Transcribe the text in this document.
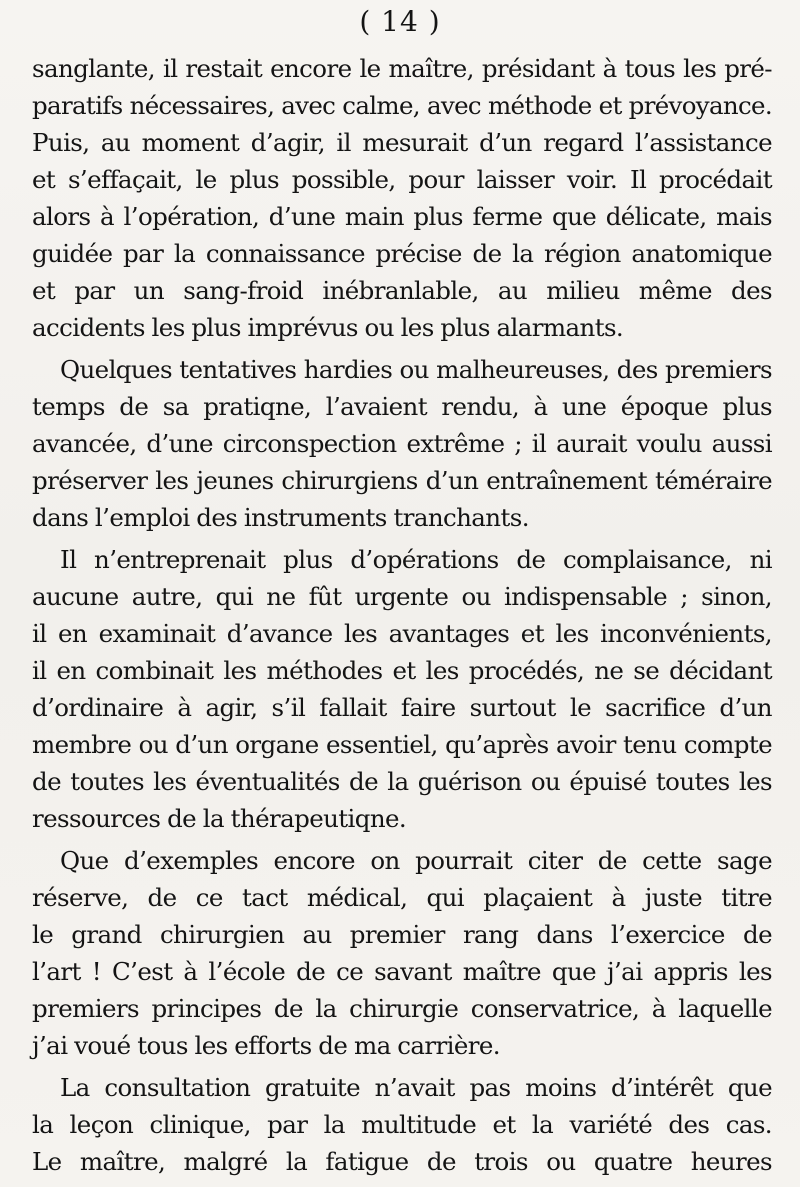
( 14 )
sanglante, il restait encore le maître, présidant à tous les pré-
paratifs nécessaires, avec calme, avec méthode et prévoyance.
Puis, au moment d’agir, il mesurait d’un regard l’assistance
et s’effaçait, le plus possible, pour laisser voir. Il procédait
alors à l’opération, d’une main plus ferme que délicate, mais
guidée par la connaissance précise de la région anatomique
et par un sang-froid inébranlable, au milieu même des
accidents les plus imprévus ou les plus alarmants.
Quelques tentatives hardies ou malheureuses, des premiers
temps de sa pratiqne, l’avaient rendu, à une époque plus
avancée, d’une circonspection extrême ; il aurait voulu aussi
préserver les jeunes chirurgiens d’un entraînement téméraire
dans l’emploi des instruments tranchants.
Il n’entreprenait plus d’opérations de complaisance, ni
aucune autre, qui ne fût urgente ou indispensable ; sinon,
il en examinait d’avance les avantages et les inconvénients,
il en combinait les méthodes et les procédés, ne se décidant
d’ordinaire à agir, s’il fallait faire surtout le sacrifice d’un
membre ou d’un organe essentiel, qu’après avoir tenu compte
de toutes les éventualités de la guérison ou épuisé toutes les
ressources de la thérapeutiqne.
Que d’exemples encore on pourrait citer de cette sage
réserve, de ce tact médical, qui plaçaient à juste titre
le grand chirurgien au premier rang dans l’exercice de
l’art ! C’est à l’école de ce savant maître que j’ai appris les
premiers principes de la chirurgie conservatrice, à laquelle
j’ai voué tous les efforts de ma carrière.
La consultation gratuite n’avait pas moins d’intérêt que
la leçon clinique, par la multitude et la variété des cas.
Le maître, malgré la fatigue de trois ou quatre heures
